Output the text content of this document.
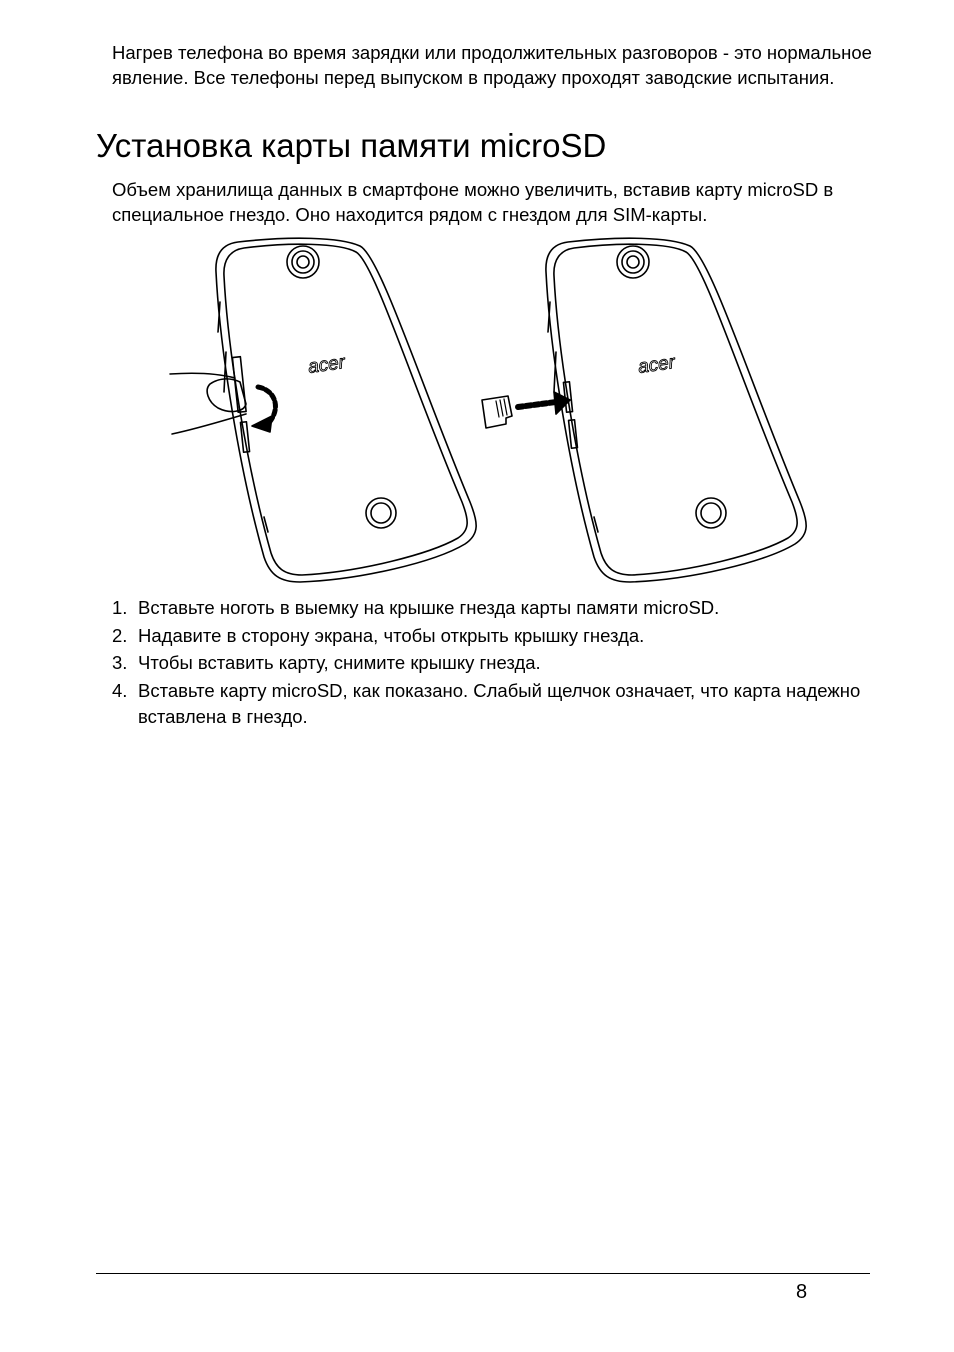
Нагрев телефона во время зарядки или продолжительных разговоров - это нормальное явление. Все телефоны перед выпуском в продажу проходят заводские испытания.

Установка карты памяти microSD

Объем хранилища данных в смартфоне можно увеличить, вставив карту microSD в специальное гнездо. Оно находится рядом с гнездом для SIM-карты.

acer	acer
1. Вставьте ноготь в выемку на крышке гнезда карты памяти microSD.
2. Надавите в сторону экрана, чтобы открыть крышку гнезда.
3. Чтобы вставить карту, снимите крышку гнезда.
4. Вставьте карту microSD, как показано. Слабый щелчок означает, что карта надежно вставлена в гнездо.
8
